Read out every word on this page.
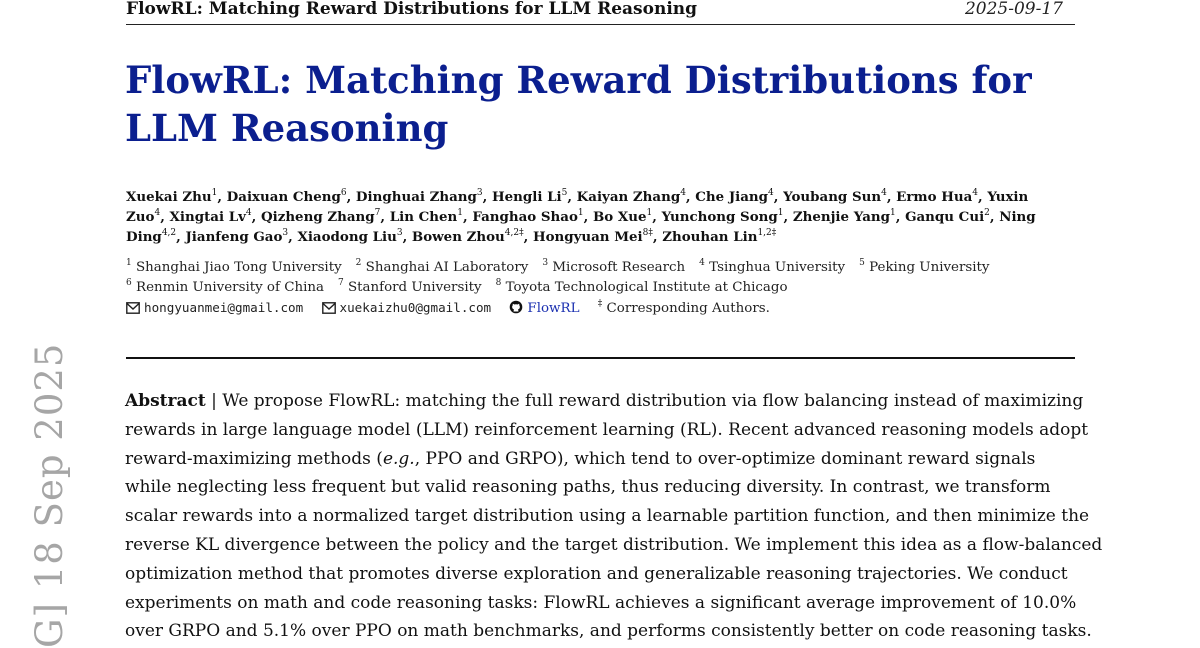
FlowRL: Matching Reward Distributions for LLM Reasoning	2025-09-17
FlowRL: Matching Reward Distributions for
LLM Reasoning
Xuekai Zhu$^1$, Daixuan Cheng$^6$, Dinghuai Zhang$^3$, Hengli Li$^5$, Kaiyan Zhang$^4$, Che Jiang$^4$, Youbang Sun$^4$, Ermo Hua$^4$, Yuxin
Zuo$^4$, Xingtai Lv$^4$, Qizheng Zhang$^7$, Lin Chen$^1$, Fanghao Shao$^1$, Bo Xue$^1$, Yunchong Song$^1$, Zhenjie Yang$^1$, Ganqu Cui$^2$, Ning
Ding$^{4,2}$, Jianfeng Gao$^3$, Xiaodong Liu$^3$, Bowen Zhou$^{4,2\ddagger}$, Hongyuan Mei$^{8\ddagger}$, Zhouhan Lin$^{1,2\ddagger}$
$^1$ Shanghai Jiao Tong University $^2$ Shanghai AI Laboratory $^3$ Microsoft Research $^4$ Tsinghua University $^5$ Peking University
$^6$ Renmin University of China $^7$ Stanford University $^8$ Toyota Technological Institute at Chicago
hongyuanmei@gmail.com	xuekaizhu0@gmail.com	FlowRL ‡ Corresponding Authors.
Abstract | We propose FlowRL: matching the full reward distribution via flow balancing instead of maximizing
rewards in large language model (LLM) reinforcement learning (RL). Recent advanced reasoning models adopt
reward-maximizing methods (e.g., PPO and GRPO), which tend to over-optimize dominant reward signals
while neglecting less frequent but valid reasoning paths, thus reducing diversity. In contrast, we transform
scalar rewards into a normalized target distribution using a learnable partition function, and then minimize the
reverse KL divergence between the policy and the target distribution. We implement this idea as a flow-balanced
optimization method that promotes diverse exploration and generalizable reasoning trajectories. We conduct
experiments on math and code reasoning tasks: FlowRL achieves a significant average improvement of 10.0%
over GRPO and 5.1% over PPO on math benchmarks, and performs consistently better on code reasoning tasks.
G] 18 Sep 2025
